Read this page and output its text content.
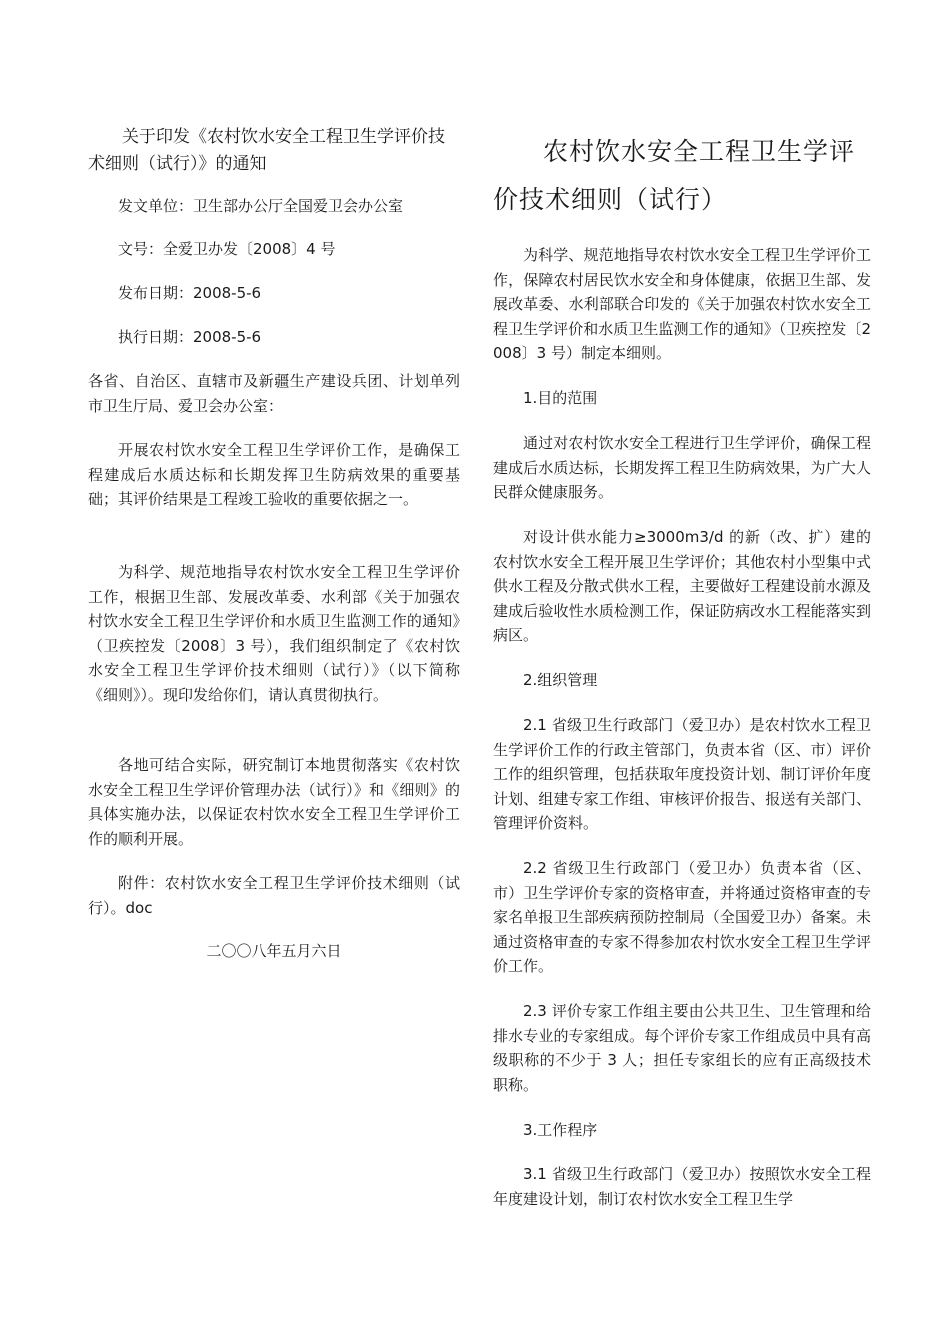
关于印发《农村饮水安全工程卫生学评价技术细则（试行）》的通知

发文单位：卫生部办公厅全国爱卫会办公室

文号：全爱卫办发〔2008〕4 号

发布日期：2008-5-6

执行日期：2008-5-6

各省、自治区、直辖市及新疆生产建设兵团、计划单列市卫生厅局、爱卫会办公室：

开展农村饮水安全工程卫生学评价工作，是确保工程建成后水质达标和长期发挥卫生防病效果的重要基础；其评价结果是工程竣工验收的重要依据之一。

为科学、规范地指导农村饮水安全工程卫生学评价工作，根据卫生部、发展改革委、水利部《关于加强农村饮水安全工程卫生学评价和水质卫生监测工作的通知》（卫疾控发〔2008〕3 号），我们组织制定了《农村饮水安全工程卫生学评价技术细则（试行）》（以下简称《细则》）。现印发给你们，请认真贯彻执行。

各地可结合实际，研究制订本地贯彻落实《农村饮水安全工程卫生学评价管理办法（试行）》和《细则》的具体实施办法，以保证农村饮水安全工程卫生学评价工作的顺利开展。

附件：农村饮水安全工程卫生学评价技术细则（试行）。doc

二〇〇八年五月六日

农村饮水安全工程卫生学评价技术细则（试行）

为科学、规范地指导农村饮水安全工程卫生学评价工作，保障农村居民饮水安全和身体健康，依据卫生部、发展改革委、水利部联合印发的《关于加强农村饮水安全工程卫生学评价和水质卫生监测工作的通知》（卫疾控发〔2008〕3 号）制定本细则。

1.目的范围

通过对农村饮水安全工程进行卫生学评价，确保工程建成后水质达标，长期发挥工程卫生防病效果，为广大人民群众健康服务。

对设计供水能力≥3000m3/d 的新（改、扩）建的农村饮水安全工程开展卫生学评价；其他农村小型集中式供水工程及分散式供水工程，主要做好工程建设前水源及建成后验收性水质检测工作，保证防病改水工程能落实到病区。

2.组织管理

2.1 省级卫生行政部门（爱卫办）是农村饮水工程卫生学评价工作的行政主管部门，负责本省（区、市）评价工作的组织管理，包括获取年度投资计划、制订评价年度计划、组建专家工作组、审核评价报告、报送有关部门、管理评价资料。

2.2 省级卫生行政部门（爱卫办）负责本省（区、市）卫生学评价专家的资格审查，并将通过资格审查的专家名单报卫生部疾病预防控制局（全国爱卫办）备案。未通过资格审查的专家不得参加农村饮水安全工程卫生学评价工作。

2.3 评价专家工作组主要由公共卫生、卫生管理和给排水专业的专家组成。每个评价专家工作组成员中具有高级职称的不少于 3 人；担任专家组长的应有正高级技术职称。

3.工作程序

3.1 省级卫生行政部门（爱卫办）按照饮水安全工程年度建设计划，制订农村饮水安全工程卫生学
